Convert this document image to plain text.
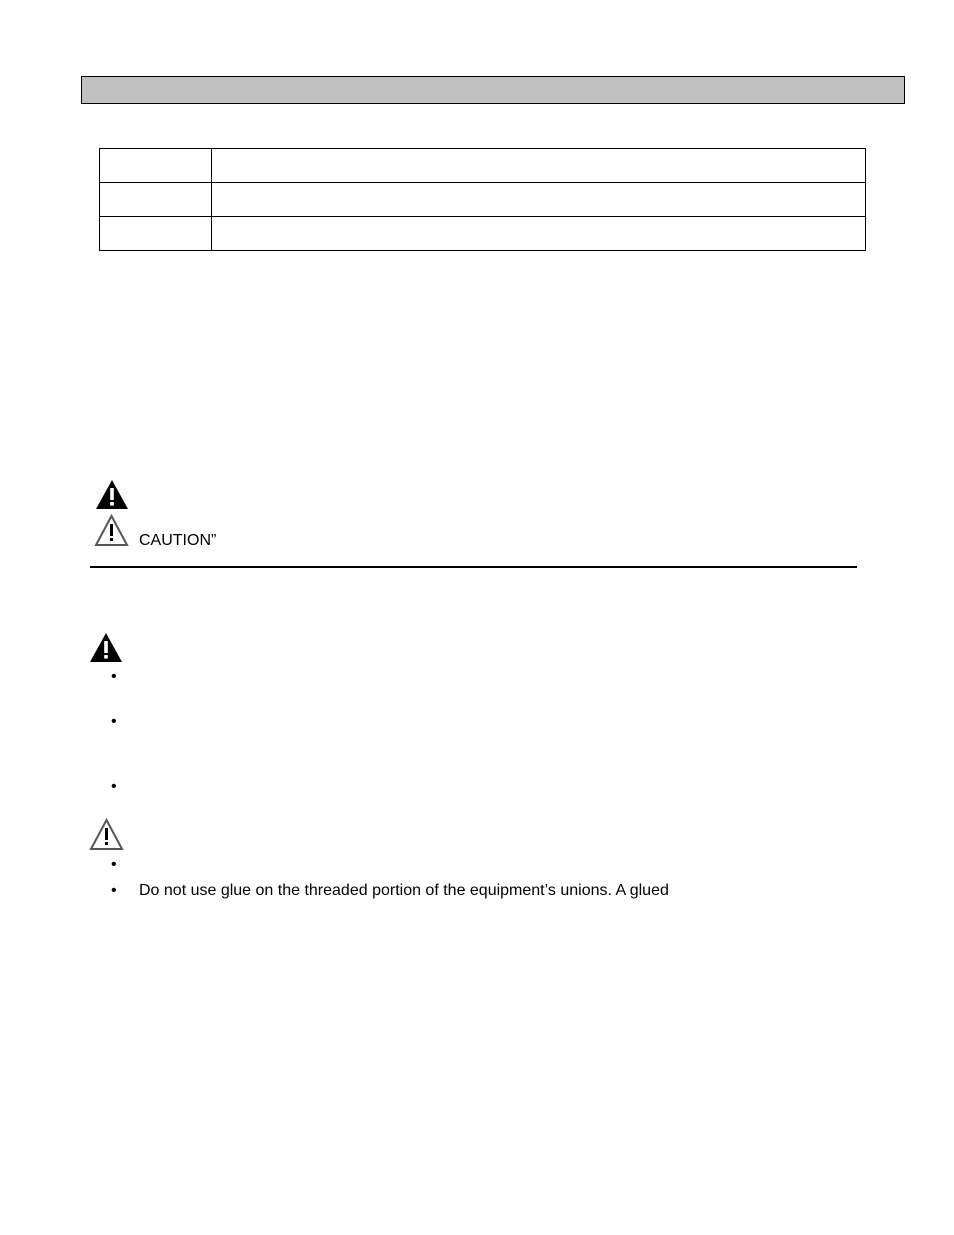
CAUTION”
•
•
•
•
• Do not use glue on the threaded portion of the equipment’s unions. A glued
